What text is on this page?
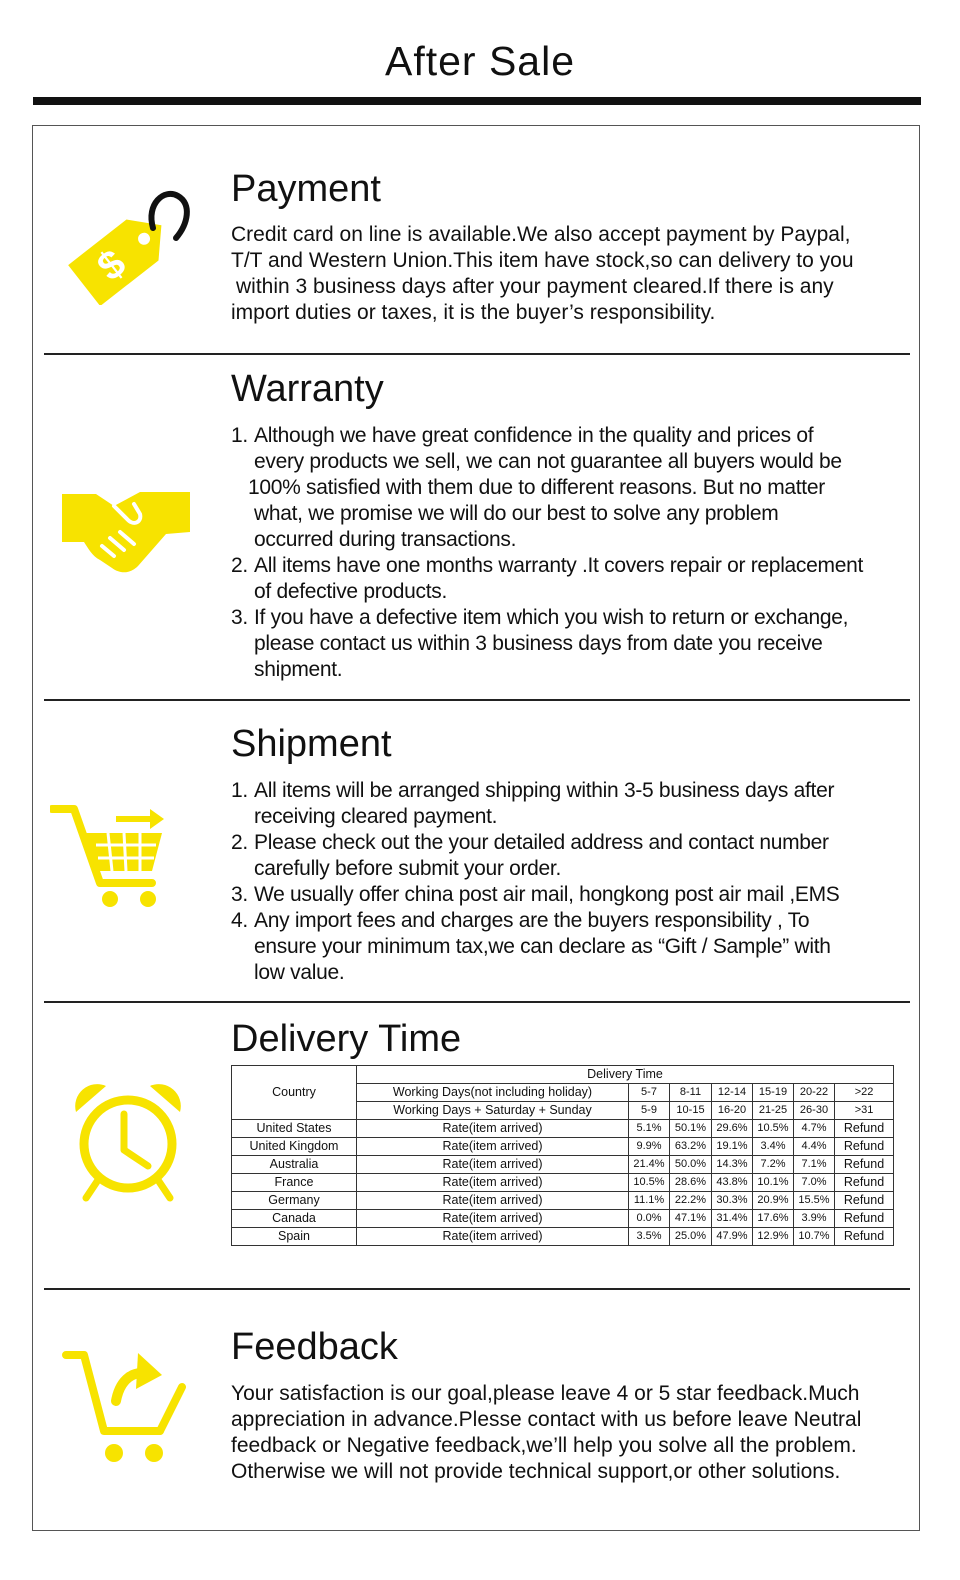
After Sale
$
Payment

Credit card on line is available.We also accept payment by Paypal,

T/T and Western Union.This item have stock,so can delivery to you

within 3 business days after your payment cleared.If there is any

import duties or taxes, it is the buyer’s responsibility.

Warranty
1. Although we have great confidence in the quality and prices of
every products we sell, we can not guarantee all buyers would be
100% satisfied with them due to different reasons. But no matter
what, we promise we will do our best to solve any problem
occurred during transactions.
2. All items have one months warranty .It covers repair or replacement
of defective products.
3. If you have a defective item which you wish to return or exchange,
please contact us within 3 business days from date you receive
shipment.
Shipment
1. All items will be arranged shipping within 3-5 business days after
receiving cleared payment.
2. Please check out the your detailed address and contact number
carefully before submit your order.
3. We usually offer china post air mail, hongkong post air mail ,EMS
4. Any import fees and charges are the buyers responsibility , To
ensure your minimum tax,we can declare as “Gift / Sample” with
low value.
Delivery Time
Country	Delivery Time						
	Working Days(not including holiday)	5-7	8-11	12-14	15-19	20-22	>22
	Working Days + Saturday + Sunday	5-9	10-15	16-20	21-25	26-30	>31
United States	Rate(item arrived)	5.1%	50.1%	29.6%	10.5%	4.7%	Refund
United Kingdom	Rate(item arrived)	9.9%	63.2%	19.1%	3.4%	4.4%	Refund
Australia	Rate(item arrived)	21.4%	50.0%	14.3%	7.2%	7.1%	Refund
France	Rate(item arrived)	10.5%	28.6%	43.8%	10.1%	7.0%	Refund
Germany	Rate(item arrived)	11.1%	22.2%	30.3%	20.9%	15.5%	Refund
Canada	Rate(item arrived)	0.0%	47.1%	31.4%	17.6%	3.9%	Refund
Spain	Rate(item arrived)	3.5%	25.0%	47.9%	12.9%	10.7%	Refund
Feedback

Your satisfaction is our goal,please leave 4 or 5 star feedback.Much

appreciation in advance.Plesse contact with us before leave Neutral

feedback or Negative feedback,we’ll help you solve all the problem.

Otherwise we will not provide technical support,or other solutions.
